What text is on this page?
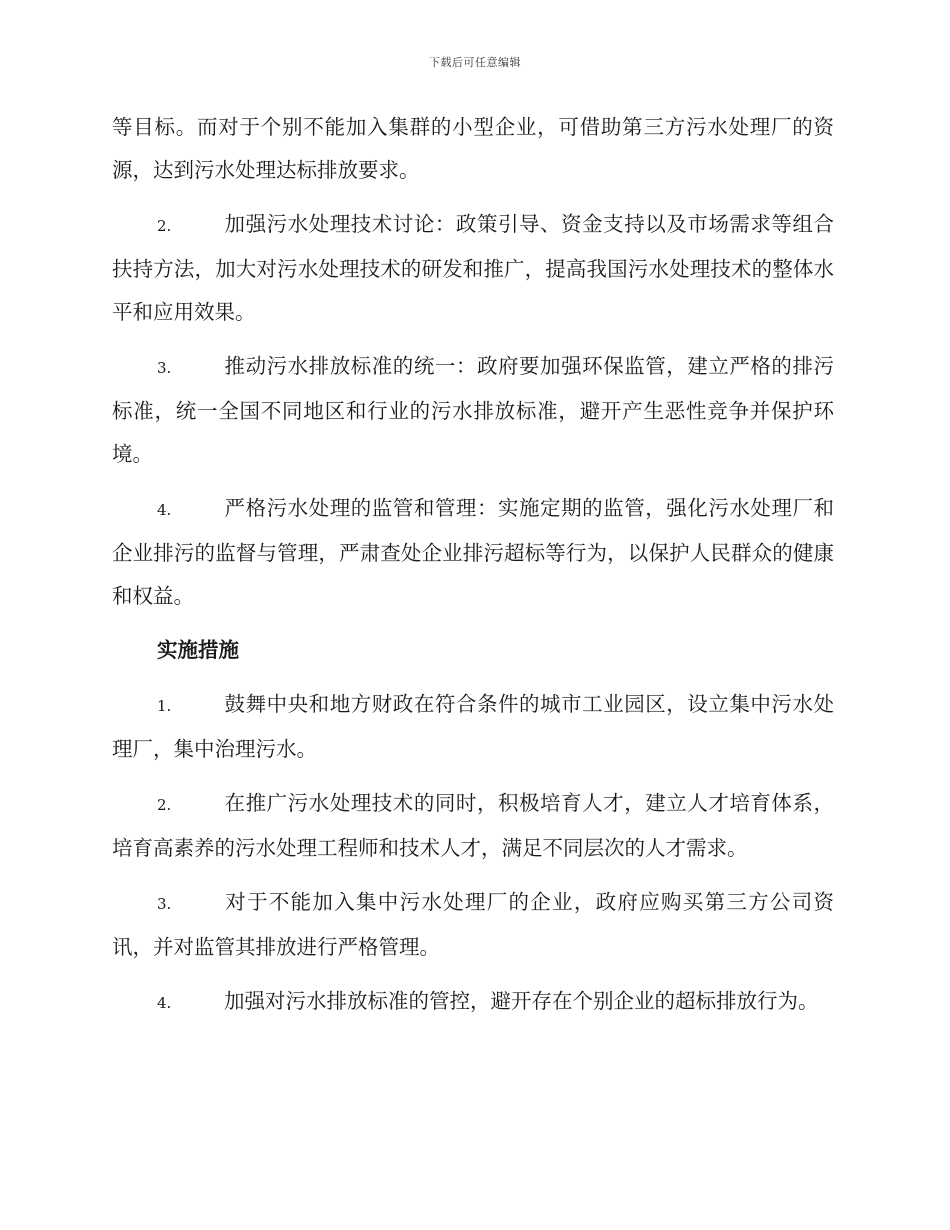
下载后可任意编辑

等目标。而对于个别不能加入集群的小型企业，可借助第三方污水处理厂的资源，达到污水处理达标排放要求。

2.	加强污水处理技术讨论：政策引导、资金支持以及市场需求等组合扶持方法，加大对污水处理技术的研发和推广，提高我国污水处理技术的整体水平和应用效果。

3.	推动污水排放标准的统一：政府要加强环保监管，建立严格的排污标准，统一全国不同地区和行业的污水排放标准，避开产生恶性竞争并保护环境。

4.	严格污水处理的监管和管理：实施定期的监管，强化污水处理厂和企业排污的监督与管理，严肃查处企业排污超标等行为，以保护人民群众的健康和权益。

实施措施

1.	鼓舞中央和地方财政在符合条件的城市工业园区，设立集中污水处理厂，集中治理污水。

2.	在推广污水处理技术的同时，积极培育人才，建立人才培育体系，培育高素养的污水处理工程师和技术人才，满足不同层次的人才需求。

3.	对于不能加入集中污水处理厂的企业，政府应购买第三方公司资讯，并对监管其排放进行严格管理。

4.	加强对污水排放标准的管控，避开存在个别企业的超标排放行为。
